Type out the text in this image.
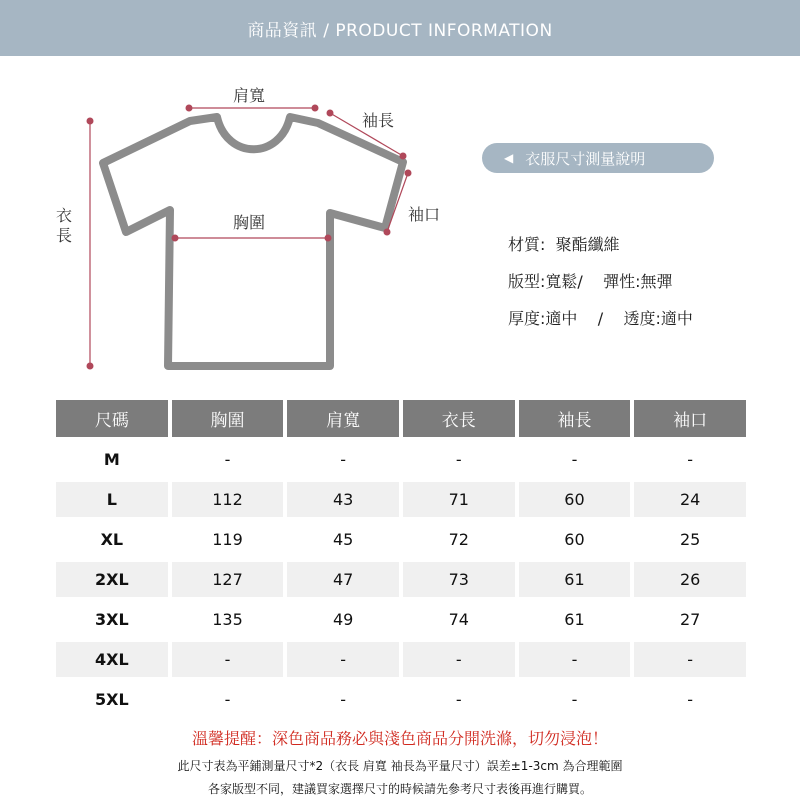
商品資訊 / PRODUCT INFORMATION
肩寬
袖長
袖口
胸圍
衣長
◀ 衣服尺寸測量說明
材質:  聚酯纖維
版型:寬鬆/    彈性:無彈
厚度:適中    /    透度:適中
尺碼	胸圍	肩寬	衣長	袖長	袖口
M	-	-	-	-	-
L	112	43	71	60	24
XL	119	45	72	60	25
2XL	127	47	73	61	26
3XL	135	49	74	61	27
4XL	-	-	-	-	-
5XL	-	-	-	-	-
溫馨提醒：深色商品務必與淺色商品分開洗滌，切勿浸泡！
此尺寸表為平鋪測量尺寸*2（衣長 肩寬 袖長為平量尺寸）誤差±1-3cm 為合理範圍
各家版型不同，建議買家選擇尺寸的時候請先參考尺寸表後再進行購買。
